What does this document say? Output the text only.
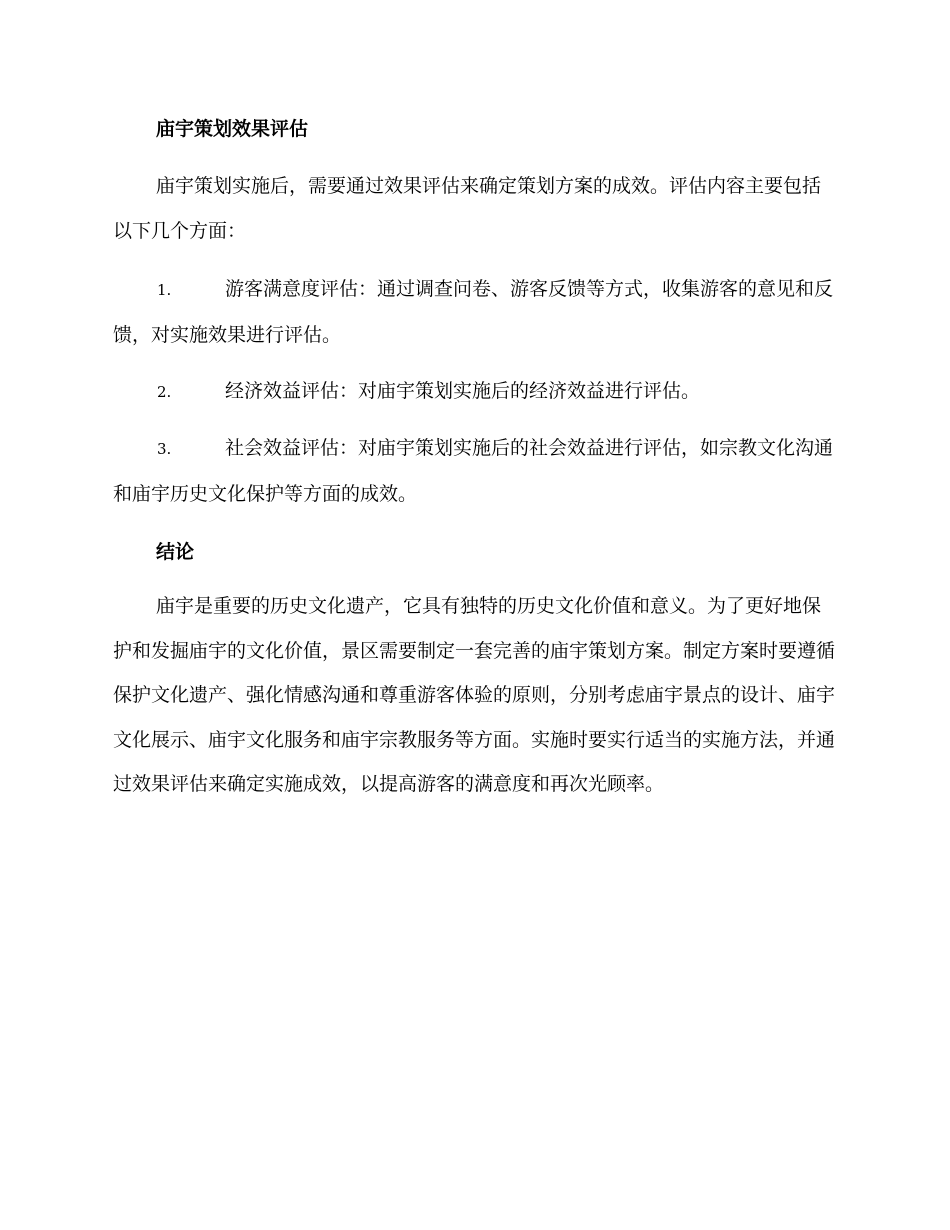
庙宇策划效果评估

庙宇策划实施后，需要通过效果评估来确定策划方案的成效。评估内容主要包括以下几个方面：

1.	游客满意度评估：通过调查问卷、游客反馈等方式，收集游客的意见和反馈，对实施效果进行评估。

2.	经济效益评估：对庙宇策划实施后的经济效益进行评估。

3.	社会效益评估：对庙宇策划实施后的社会效益进行评估，如宗教文化沟通和庙宇历史文化保护等方面的成效。

结论

庙宇是重要的历史文化遗产，它具有独特的历史文化价值和意义。为了更好地保护和发掘庙宇的文化价值，景区需要制定一套完善的庙宇策划方案。制定方案时要遵循保护文化遗产、强化情感沟通和尊重游客体验的原则，分别考虑庙宇景点的设计、庙宇文化展示、庙宇文化服务和庙宇宗教服务等方面。实施时要实行适当的实施方法，并通过效果评估来确定实施成效，以提高游客的满意度和再次光顾率。
